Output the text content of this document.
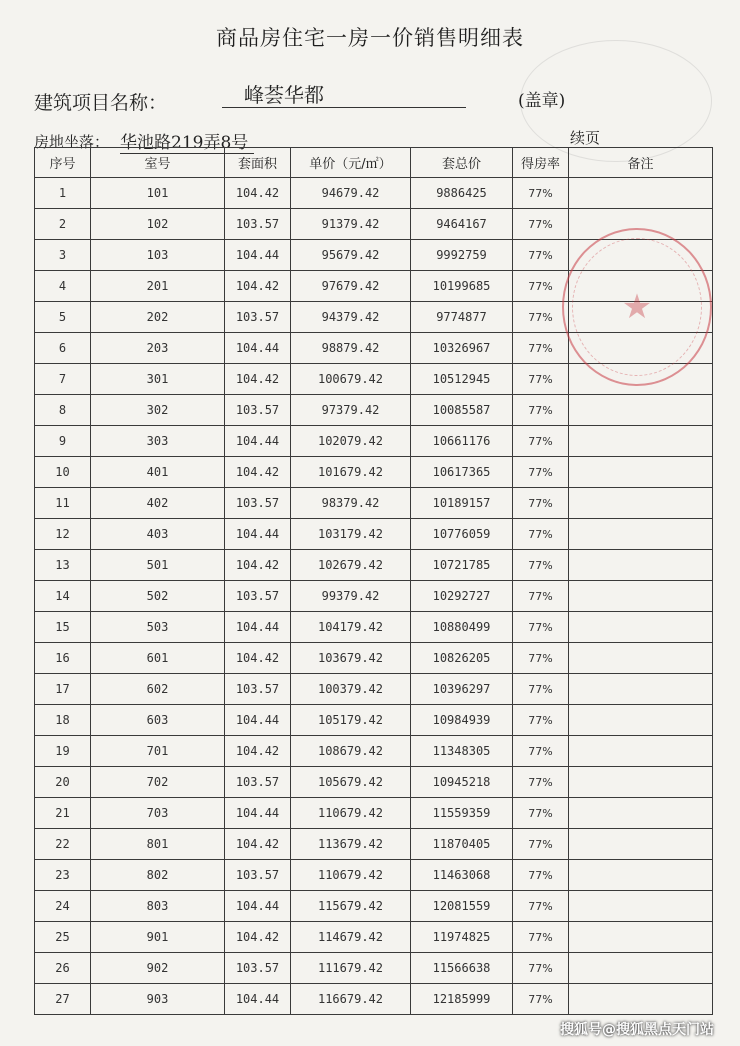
商品房住宅一房一价销售明细表
建筑项目名称：	峰荟华都	(盖章)
房地坐落： 华池路219弄8号	续页
序号	室号	套面积	单价（元/㎡）	套总价	得房率	备注
1	101	104.42	94679.42	9886425	77%	
2	102	103.57	91379.42	9464167	77%	
3	103	104.44	95679.42	9992759	77%	
4	201	104.42	97679.42	10199685	77%	
5	202	103.57	94379.42	9774877	77%	
6	203	104.44	98879.42	10326967	77%	
7	301	104.42	100679.42	10512945	77%	
8	302	103.57	97379.42	10085587	77%	
9	303	104.44	102079.42	10661176	77%	
10	401	104.42	101679.42	10617365	77%	
11	402	103.57	98379.42	10189157	77%	
12	403	104.44	103179.42	10776059	77%	
13	501	104.42	102679.42	10721785	77%	
14	502	103.57	99379.42	10292727	77%	
15	503	104.44	104179.42	10880499	77%	
16	601	104.42	103679.42	10826205	77%	
17	602	103.57	100379.42	10396297	77%	
18	603	104.44	105179.42	10984939	77%	
19	701	104.42	108679.42	11348305	77%	
20	702	103.57	105679.42	10945218	77%	
21	703	104.44	110679.42	11559359	77%	
22	801	104.42	113679.42	11870405	77%	
23	802	103.57	110679.42	11463068	77%	
24	803	104.44	115679.42	12081559	77%	
25	901	104.42	114679.42	11974825	77%	
26	902	103.57	111679.42	11566638	77%	
27	903	104.44	116679.42	12185999	77%	
★
搜狐号@搜狐黑点天门站
